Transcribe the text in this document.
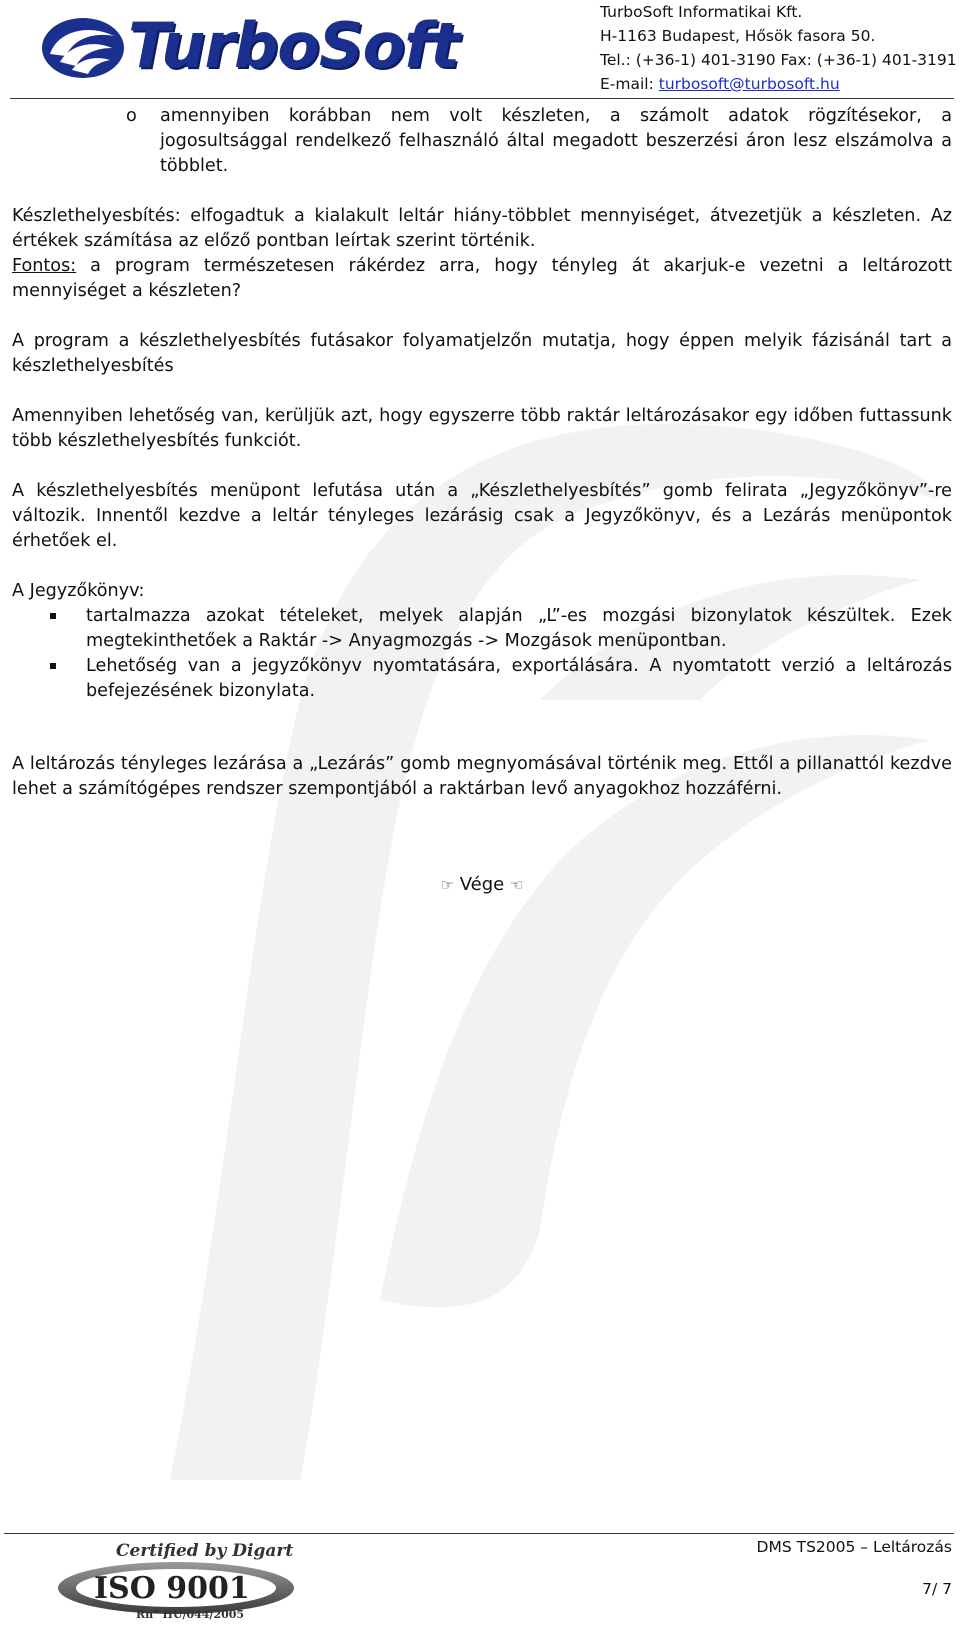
TurboSoft	TurboSoft Informatikai Kft.
H-1163 Budapest, Hősök fasora 50.
Tel.: (+36-1) 401-3190 Fax: (+36-1) 401-3191
E-mail: turbosoft@turbosoft.hu
o amennyiben korábban nem volt készleten, a számolt adatok rögzítésekor, a jogosultsággal rendelkező felhasználó által megadott beszerzési áron lesz elszámolva a többlet.

Készlethelyesbítés: elfogadtuk a kialakult leltár hiány-többlet mennyiséget, átvezetjük a készleten. Az értékek számítása az előző pontban leírtak szerint történik.

Fontos: a program természetesen rákérdez arra, hogy tényleg át akarjuk-e vezetni a leltározott mennyiséget a készleten?

A program a készlethelyesbítés futásakor folyamatjelzőn mutatja, hogy éppen melyik fázisánál tart a készlethelyesbítés

Amennyiben lehetőség van, kerüljük azt, hogy egyszerre több raktár leltározásakor egy időben futtassunk több készlethelyesbítés funkciót.

A készlethelyesbítés menüpont lefutása után a „Készlethelyesbítés” gomb felirata „Jegyzőkönyv”-re változik. Innentől kezdve a leltár tényleges lezárásig csak a Jegyzőkönyv, és a Lezárás menüpontok érhetőek el.

A Jegyzőkönyv:

tartalmazza azokat tételeket, melyek alapján „L”-es mozgási bizonylatok készültek. Ezek megtekinthetőek a Raktár -> Anyagmozgás -> Mozgások menüpontban.
Lehetőség van a jegyzőkönyv nyomtatására, exportálására. A nyomtatott verzió a leltározás befejezésének bizonylata.

A leltározás tényleges lezárása a „Lezárás” gomb megnyomásával történik meg. Ettől a pillanattól kezdve lehet a számítógépes rendszer szempontjából a raktárban levő anyagokhoz hozzáférni.

☞ Vége ☜
Certified by Digart
ISO 9001
Rn° HU/044/2005
DMS TS2005 – Leltározás
7/ 7
